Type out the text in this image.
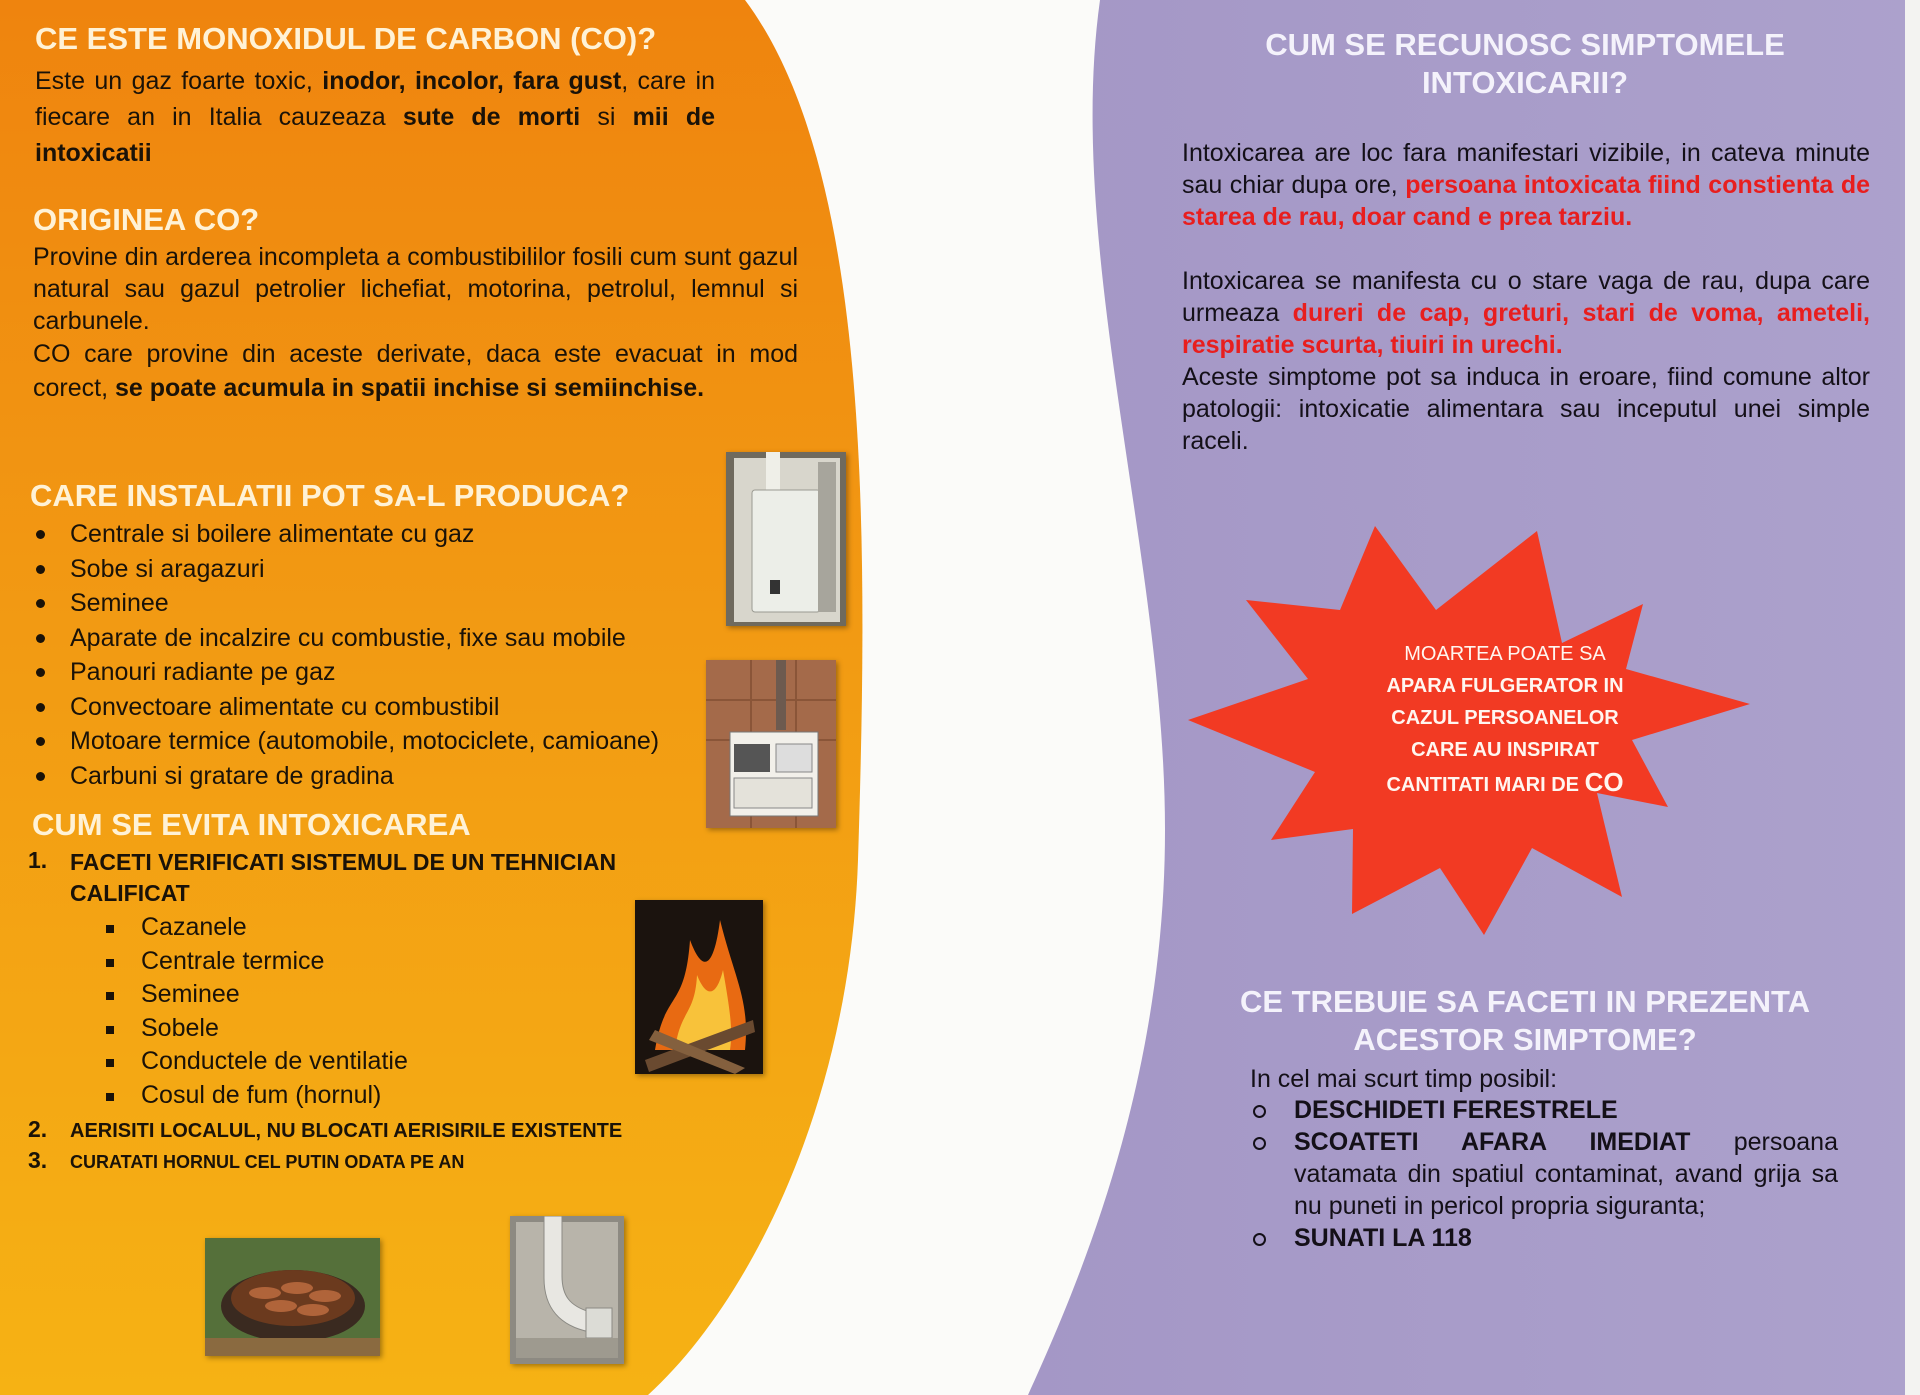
CE ESTE MONOXIDUL DE CARBON (CO)?

Este un gaz foarte toxic, inodor, incolor, fara gust, care in fiecare an in Italia cauzeaza sute de morti si mii de intoxicatii

ORIGINEA CO?

Provine din arderea incompleta a combustibililor fosili cum sunt gazul natural sau gazul petrolier lichefiat, motorina, petrolul, lemnul si carbunele.

CO care provine din aceste derivate, daca este evacuat in mod corect, se poate acumula in spatii inchise si semiinchise.

CARE INSTALATII POT SA-L PRODUCA?
Centrale si boilere alimentate cu gaz
Sobe si aragazuri
Seminee
Aparate de incalzire cu combustie, fixe sau mobile
Panouri radiante pe gaz
Convectoare alimentate cu combustibil
Motoare termice (automobile, motociclete, camioane)
Carbuni si gratare de gradina
CUM SE EVITA INTOXICAREA
1. FACETI VERIFICATI SISTEMUL DE UN TEHNICIAN CALIFICAT
Cazanele
Centrale termice
Seminee
Sobele
Conductele de ventilatie
Cosul de fum (hornul)
2. AERISITI LOCALUL, NU BLOCATI AERISIRILE EXISTENTE
3. CURATATI HORNUL CEL PUTIN ODATA PE AN
CUM SE RECUNOSC SIMPTOMELE INTOXICARII?

Intoxicarea are loc fara manifestari vizibile, in cateva minute sau chiar dupa ore, persoana intoxicata fiind constienta de starea de rau, doar cand e prea tarziu.

Intoxicarea se manifesta cu o stare vaga de rau, dupa care urmeaza dureri de cap, greturi, stari de voma, ameteli, respiratie scurta, tiuiri in urechi.

Aceste simptome pot sa induca in eroare, fiind comune altor patologii: intoxicatie alimentara sau inceputul unei simple raceli.

MOARTEA POATE SA
APARA FULGERATOR IN
CAZUL PERSOANELOR
CARE AU INSPIRAT
CANTITATI MARI DE CO
CE TREBUIE SA FACETI IN PREZENTA ACESTOR SIMPTOME?

In cel mai scurt timp posibil:

DESCHIDETI FERESTRELE
SCOATETI AFARA IMEDIAT persoana vatamata din spatiul contaminat, avand grija sa nu puneti in pericol propria siguranta;
SUNATI LA 118
